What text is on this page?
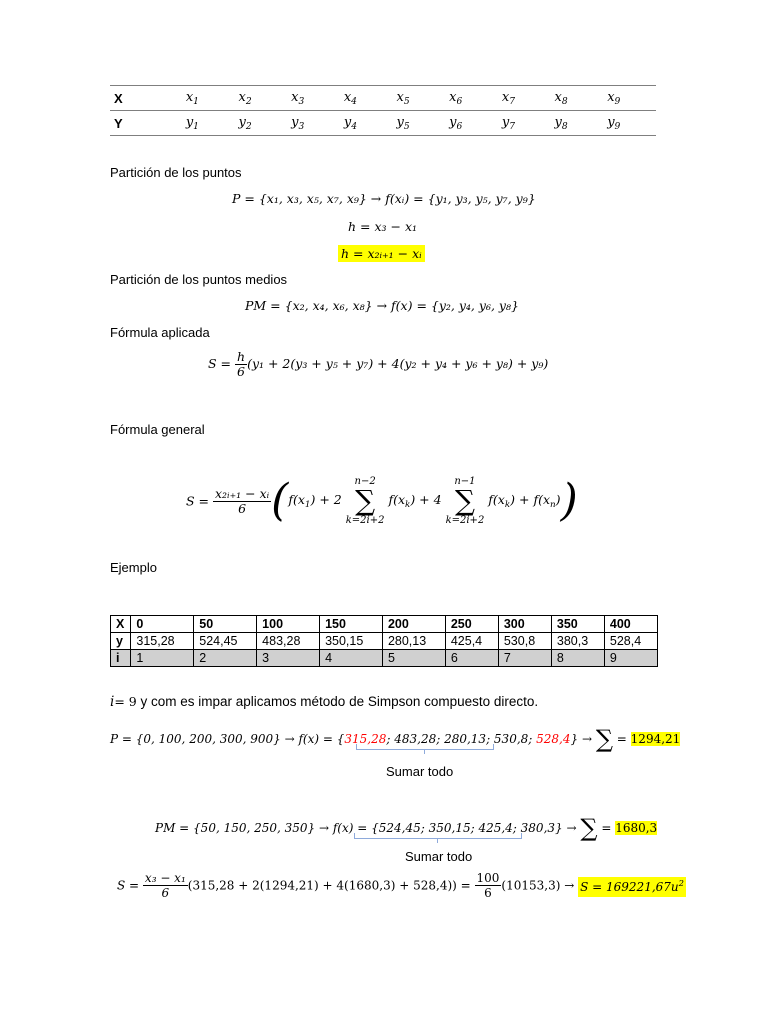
X	$x_1$	$x_2$	$x_3$	$x_4$	$x_5$	$x_6$	$x_7$	$x_8$	$x_9$
Y	$y_1$	$y_2$	$y_3$	$y_4$	$y_5$	$y_6$	$y_7$	$y_8$	$y_9$
Partición de los puntos
P = {x₁, x₃, x₅, x₇, x₉} → f(xᵢ) = {y₁, y₃, y₅, y₇, y₉}
h = x₃ − x₁
h = x₂ᵢ₊₁ − xᵢ
Partición de los puntos medios
PM = {x₂, x₄, x₆, x₈} → f(x) = {y₂, y₄, y₆, y₈}
Fórmula aplicada
$S = \frac{h}{6} (y_1 + 2(y_3 + y_5 + y_7) + 4(y_2 + y_4 + y_6 + y_8) + y_9)$
Fórmula general
$S = \frac{\text{x₂ᵢ₊₁ − xᵢ}}{6} (f(x_1) + 2$ n−2
∑
k=2i+2 $f(x_k) + 4$ n−1
∑
k=2i+2 $f(x_k) + f(x_n)$)
Ejemplo
X	0	50	100	150	200	250	300	350	400
y	315,28	524,45	483,28	350,15	280,13	425,4	530,8	380,3	528,4
i	1	2	3	4	5	6	7	8	9
i= 9 y com es impar aplicamos método de Simpson compuesto directo.
P = {0, 100, 200, 300, 900} → f(x) = {315,28; 483,28; 280,13; 530,8; 528,4} → ∑ = 1294,21
Sumar todo
PM = {50, 150, 250, 350} → f(x) = {524,45; 350,15; 425,4; 380,3} → ∑ = 1680,3
Sumar todo
$S = \frac{\text{x₃ − x₁}}{6} (315,28 + 2(1294,21) + 4(1680,3) + 528,4)) = \frac{100}{6} (10153,3) \to S = 169221,67u^2$
